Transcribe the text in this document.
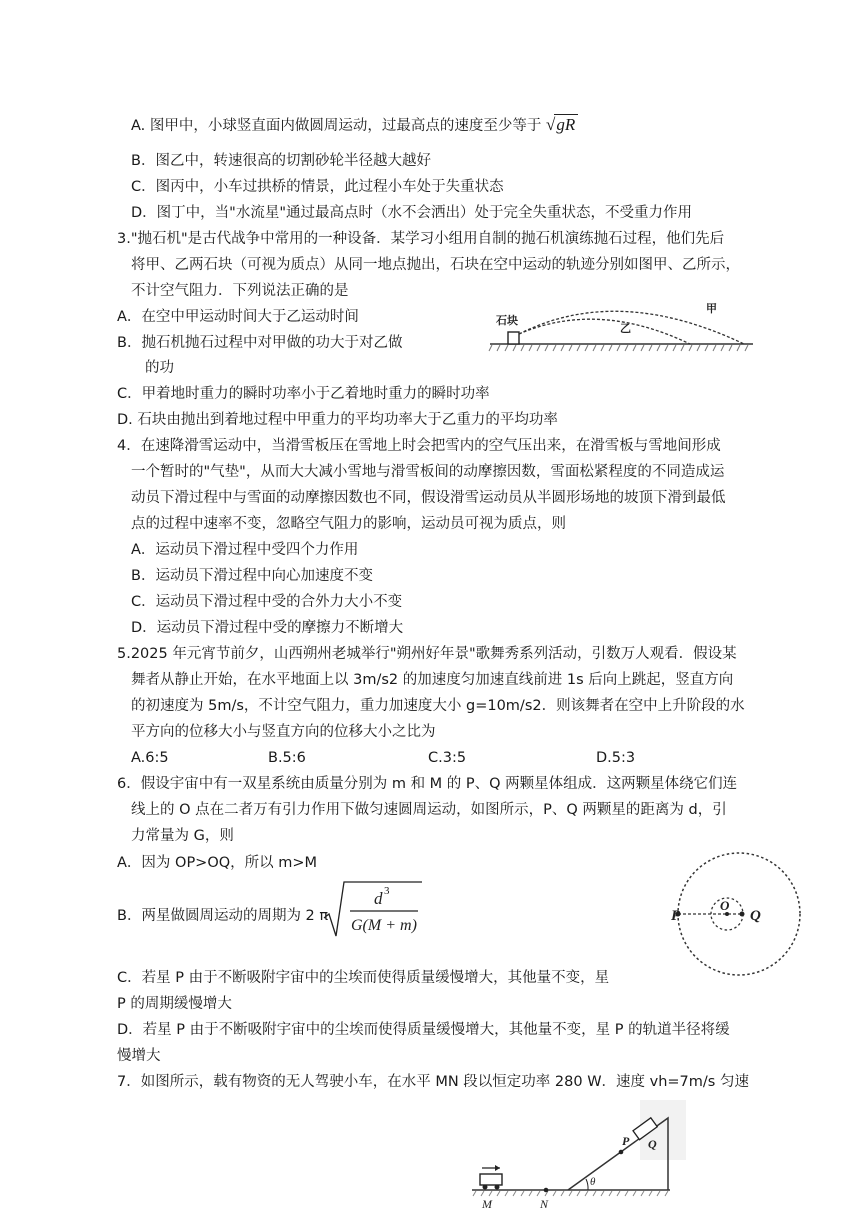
A. 图甲中，小球竖直面内做圆周运动，过最高点的速度至少等于 √gR
B．图乙中，转速很高的切割砂轮半径越大越好
C．图丙中，小车过拱桥的情景，此过程小车处于失重状态
D．图丁中，当"水流星"通过最高点时（水不会洒出）处于完全失重状态，不受重力作用
3."抛石机"是古代战争中常用的一种设备．某学习小组用自制的抛石机演练抛石过程，他们先后
将甲、乙两石块（可视为质点）从同一地点抛出，石块在空中运动的轨迹分别如图甲、乙所示，
不计空气阻力．下列说法正确的是
A．在空中甲运动时间大于乙运动时间
B．抛石机抛石过程中对甲做的功大于对乙做
的功
C．甲着地时重力的瞬时功率小于乙着地时重力的瞬时功率
D. 石块由抛出到着地过程中甲重力的平均功率大于乙重力的平均功率
石块
甲
乙
4．在速降滑雪运动中，当滑雪板压在雪地上时会把雪内的空气压出来，在滑雪板与雪地间形成
一个暂时的"气垫"，从而大大减小雪地与滑雪板间的动摩擦因数，雪面松紧程度的不同造成运
动员下滑过程中与雪面的动摩擦因数也不同，假设滑雪运动员从半圆形场地的坡顶下滑到最低
点的过程中速率不变，忽略空气阻力的影响，运动员可视为质点，则
A．运动员下滑过程中受四个力作用
B．运动员下滑过程中向心加速度不变
C．运动员下滑过程中受的合外力大小不变
D．运动员下滑过程中受的摩擦力不断增大
5.2025 年元宵节前夕，山西朔州老城举行"朔州好年景"歌舞秀系列活动，引数万人观看．假设某
舞者从静止开始，在水平地面上以 3m/s2 的加速度匀加速直线前进 1s 后向上跳起，竖直方向
的初速度为 5m/s，不计空气阻力，重力加速度大小 g=10m/s2．则该舞者在空中上升阶段的水
平方向的位移大小与竖直方向的位移大小之比为
A.6:5	B.5:6	C.3:5	D.5:3
6．假设宇宙中有一双星系统由质量分别为 m 和 M 的 P、Q 两颗星体组成．这两颗星体绕它们连
线上的 O 点在二者万有引力作用下做匀速圆周运动，如图所示，P、Q 两颗星的距离为 d，引
力常量为 G，则
A．因为 OP>OQ，所以 m>M
B．两星做圆周运动的周期为 2 π
d 3
G(M + m)
P
O
Q
C．若星 P 由于不断吸附宇宙中的尘埃而使得质量缓慢增大，其他量不变，星
P 的周期缓慢增大
D．若星 P 由于不断吸附宇宙中的尘埃而使得质量缓慢增大，其他量不变，星 P 的轨道半径将缓
慢增大
7．如图所示，载有物资的无人驾驶小车，在水平 MN 段以恒定功率 280 W．速度 vh=7m/s 匀速
M	N
P Q
θ
